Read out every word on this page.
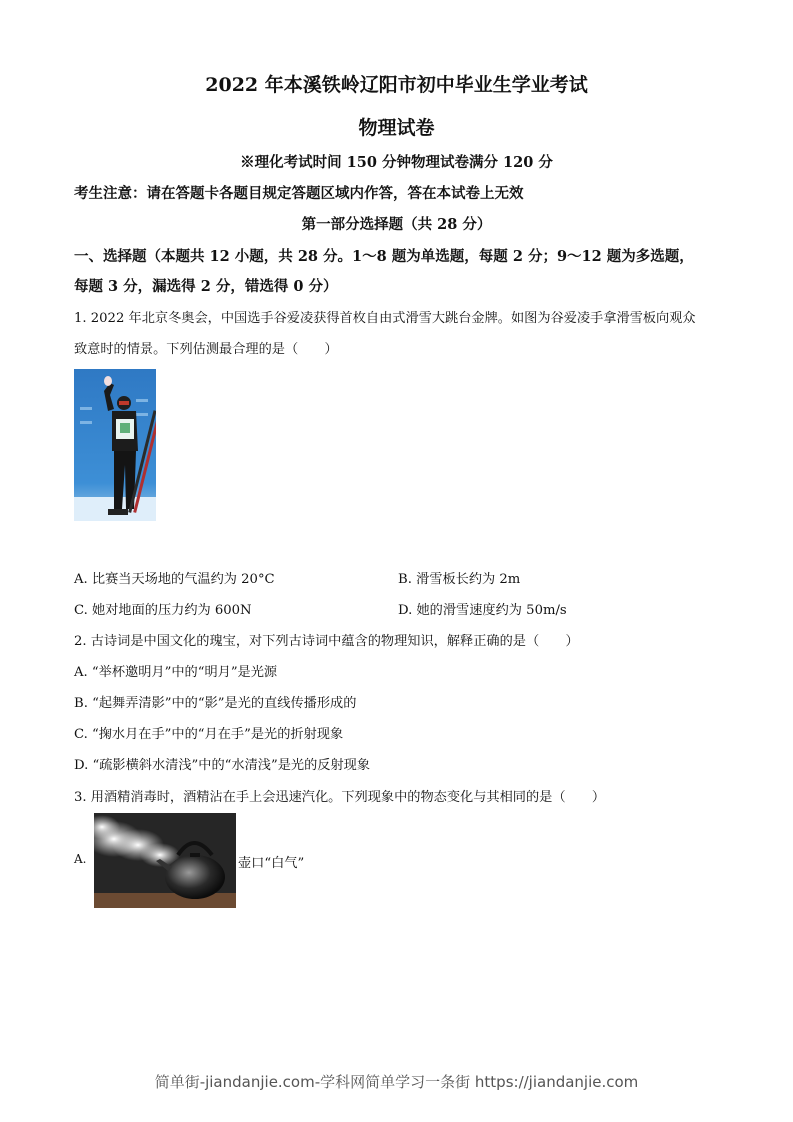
2022 年本溪铁岭辽阳市初中毕业生学业考试
物理试卷
※理化考试时间 150 分钟物理试卷满分 120 分
考生注意：请在答题卡各题目规定答题区域内作答，答在本试卷上无效
第一部分选择题（共 28 分）
一、选择题（本题共 12 小题，共 28 分。1～8 题为单选题，每题 2 分；9～12 题为多选题，
每题 3 分，漏选得 2 分，错选得 0 分）
1. 2022 年北京冬奥会，中国选手谷爱凌获得首枚自由式滑雪大跳台金牌。如图为谷爱凌手拿滑雪板向观众
致意时的情景。下列估测最合理的是（　　）
A. 比赛当天场地的气温约为 20°C	B. 滑雪板长约为 2m
C. 她对地面的压力约为 600N	D. 她的滑雪速度约为 50m/s
2. 古诗词是中国文化的瑰宝，对下列古诗词中蕴含的物理知识，解释正确的是（　　）
A. “举杯邀明月”中的“明月”是光源
B. “起舞弄清影”中的“影”是光的直线传播形成的
C. “掬水月在手”中的“月在手”是光的折射现象
D. “疏影横斜水清浅”中的“水清浅”是光的反射现象
3. 用酒精消毒时，酒精沾在手上会迅速汽化。下列现象中的物态变化与其相同的是（　　）
A.	壶口“白气”
简单街-jiandanjie.com-学科网简单学习一条街 https://jiandanjie.com
